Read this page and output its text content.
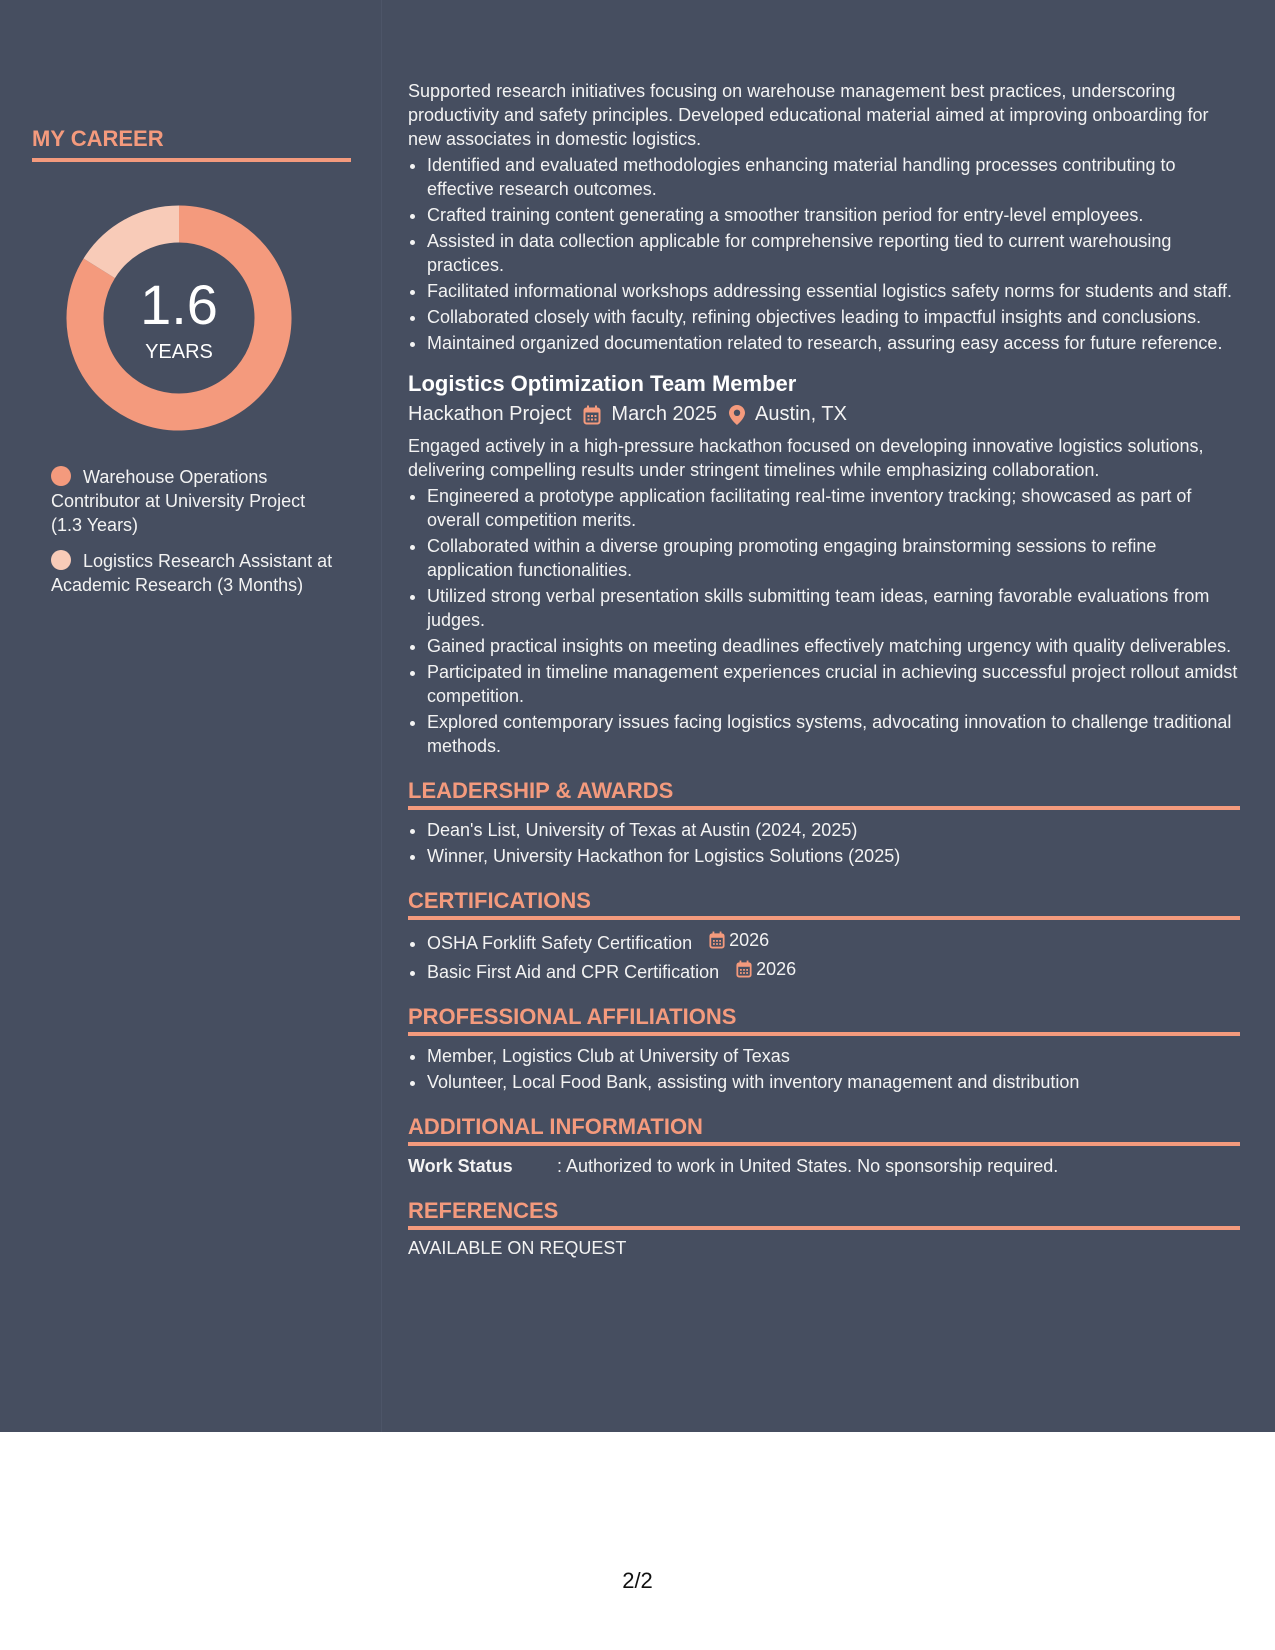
MY CAREER
1.6
YEARS
Warehouse Operations Contributor at University Project (1.3 Years)
Logistics Research Assistant at Academic Research (3 Months)
Supported research initiatives focusing on warehouse management best practices, underscoring productivity and safety principles. Developed educational material aimed at improving onboarding for new associates in domestic logistics.
• Identified and evaluated methodologies enhancing material handling processes contributing to effective research outcomes.
• Crafted training content generating a smoother transition period for entry-level employees.
• Assisted in data collection applicable for comprehensive reporting tied to current warehousing practices.
• Facilitated informational workshops addressing essential logistics safety norms for students and staff.
• Collaborated closely with faculty, refining objectives leading to impactful insights and conclusions.
• Maintained organized documentation related to research, assuring easy access for future reference.
Logistics Optimization Team Member
Hackathon Project March 2025 Austin, TX
Engaged actively in a high-pressure hackathon focused on developing innovative logistics solutions, delivering compelling results under stringent timelines while emphasizing collaboration.
• Engineered a prototype application facilitating real-time inventory tracking; showcased as part of overall competition merits.
• Collaborated within a diverse grouping promoting engaging brainstorming sessions to refine application functionalities.
• Utilized strong verbal presentation skills submitting team ideas, earning favorable evaluations from judges.
• Gained practical insights on meeting deadlines effectively matching urgency with quality deliverables.
• Participated in timeline management experiences crucial in achieving successful project rollout amidst competition.
• Explored contemporary issues facing logistics systems, advocating innovation to challenge traditional methods.
LEADERSHIP & AWARDS
• Dean's List, University of Texas at Austin (2024, 2025)
• Winner, University Hackathon for Logistics Solutions (2025)
CERTIFICATIONS
• OSHA Forklift Safety Certification 2026
• Basic First Aid and CPR Certification 2026
PROFESSIONAL AFFILIATIONS
• Member, Logistics Club at University of Texas
• Volunteer, Local Food Bank, assisting with inventory management and distribution
ADDITIONAL INFORMATION
Work Status	: Authorized to work in United States. No sponsorship required.
REFERENCES
AVAILABLE ON REQUEST
2/2
